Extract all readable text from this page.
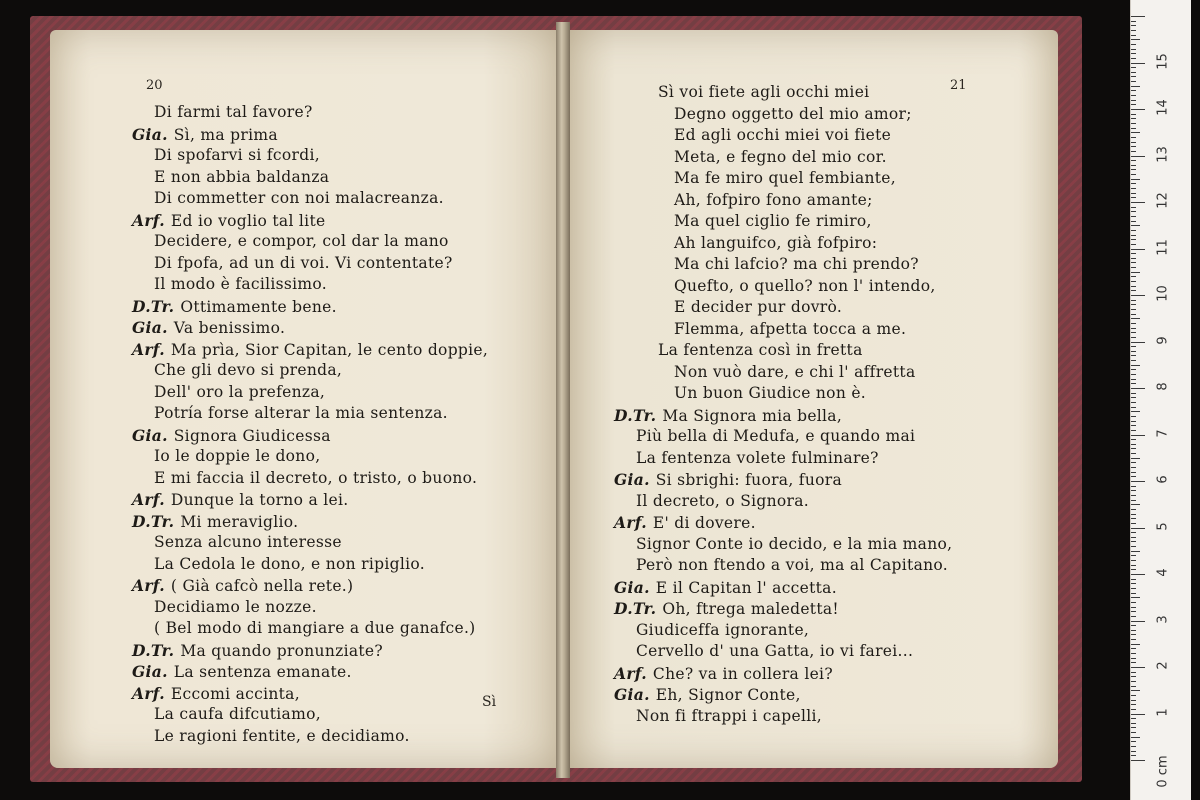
20
Di farmi tal favore?
Gia. Sì, ma prima
Di spofarvi si fcordi,
E non abbia baldanza
Di commetter con noi malacreanza.
Arf. Ed io voglio tal lite
Decidere, e compor, col dar la mano
Di fpofa, ad un di voi. Vi contentate?
Il modo è facilissimo.
D.Tr. Ottimamente bene.
Gia. Va benissimo.
Arf. Ma prìa, Sior Capitan, le cento doppie,
Che gli devo si prenda,
Dell' oro la prefenza,
Potría forse alterar la mia sentenza.
Gia. Signora Giudicessa
Io le doppie le dono,
E mi faccia il decreto, o tristo, o buono.
Arf. Dunque la torno a lei.
D.Tr. Mi meraviglio.
Senza alcuno interesse
La Cedola le dono, e non ripiglio.
Arf. ( Già cafcò nella rete.)
Decidiamo le nozze.
( Bel modo di mangiare a due ganafce.)
D.Tr. Ma quando pronunziate?
Gia. La sentenza emanate.
Arf. Eccomi accinta,
La caufa difcutiamo,
Le ragioni fentite, e decidiamo.
Sì
21
Sì voi fiete agli occhi miei
Degno oggetto del mio amor;
Ed agli occhi miei voi fiete
Meta, e fegno del mio cor.
Ma fe miro quel fembiante,
Ah, fofpiro fono amante;
Ma quel ciglio fe rimiro,
Ah languifco, già fofpiro:
Ma chi lafcio? ma chi prendo?
Quefto, o quello? non l' intendo,
E decider pur dovrò.
Flemma, afpetta tocca a me.
La fentenza così in fretta
Non vuò dare, e chi l' affretta
Un buon Giudice non è.
D.Tr. Ma Signora mia bella,
Più bella di Medufa, e quando mai
La fentenza volete fulminare?
Gia. Si sbrighi: fuora, fuora
Il decreto, o Signora.
Arf. E' di dovere.
Signor Conte io decido, e la mia mano,
Però non ftendo a voi, ma al Capitano.
Gia. E il Capitan l' accetta.
D.Tr. Oh, ftrega maledetta!
Giudiceffa ignorante,
Cervello d' una Gatta, io vi farei...
Arf. Che? va in collera lei?
Gia. Eh, Signor Conte,
Non fi ftrappi i capelli,
0 cm
1
2
3
4
5
6
7
8
9
10
11
12
13
14
15
